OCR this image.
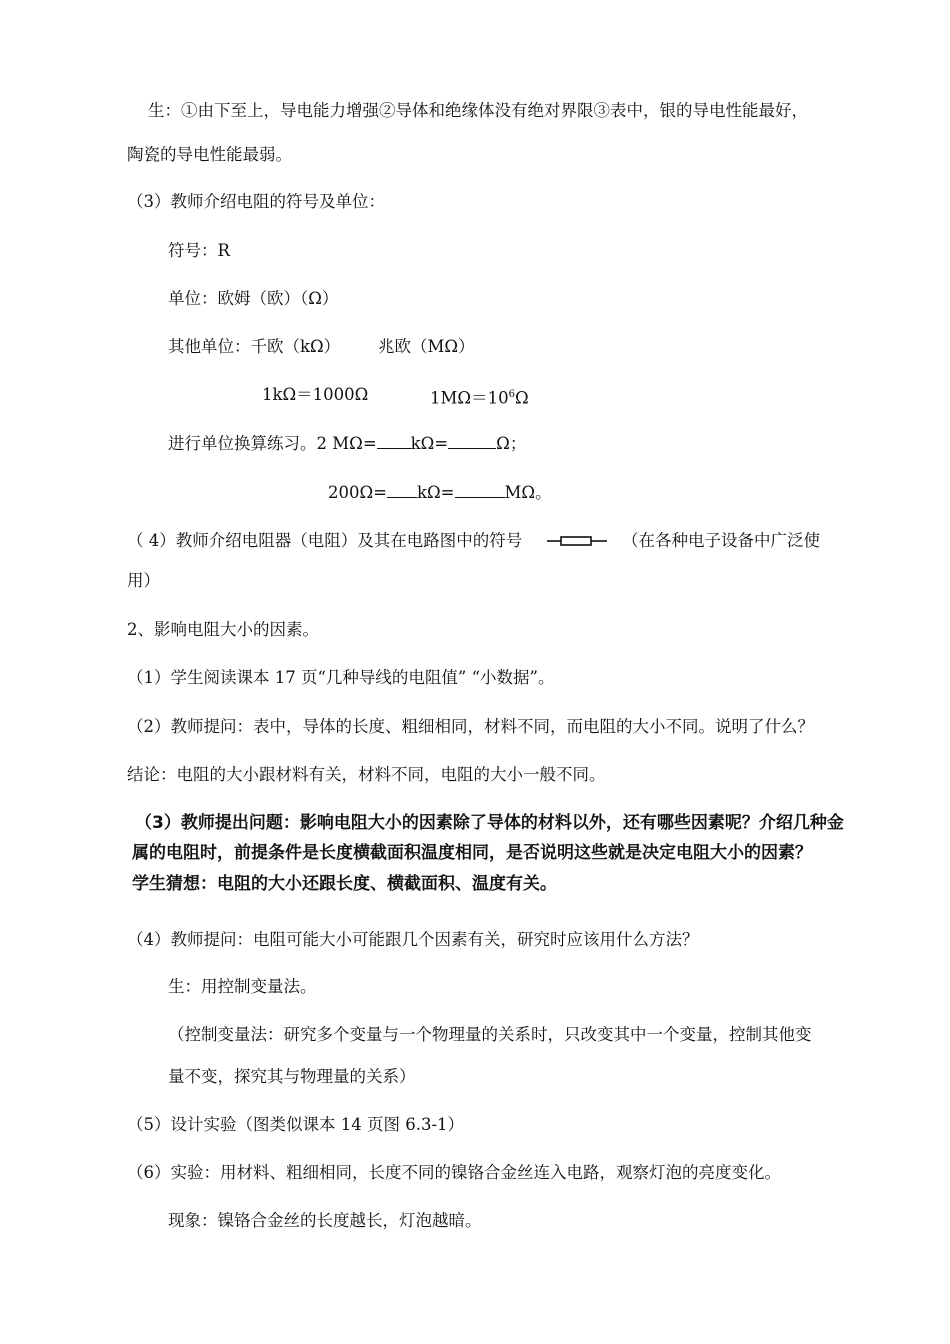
生：①由下至上，导电能力增强②导体和绝缘体没有绝对界限③表中，银的导电性能最好，
陶瓷的导电性能最弱。
（3）教师介绍电阻的符号及单位：
符号：R
单位：欧姆（欧）（Ω）
其他单位：千欧（kΩ） 兆欧（MΩ）
1kΩ＝1000Ω	$1M\Omega=10^6\Omega$
进行单位换算练习。2 MΩ= kΩ=	Ω；
200Ω= kΩ=	MΩ。
（ 4）教师介绍电阻器（电阻）及其在电路图中的符号	（在各种电子设备中广泛使
用）
2、影响电阻大小的因素。
（1）学生阅读课本 17 页“几种导线的电阻值” “小数据”。
（2）教师提问：表中，导体的长度、粗细相同，材料不同，而电阻的大小不同。说明了什么？
结论：电阻的大小跟材料有关，材料不同，电阻的大小一般不同。
（3）教师提出问题：影响电阻大小的因素除了导体的材料以外，还有哪些因素呢？介绍几种金
属的电阻时，前提条件是长度横截面积温度相同，是否说明这些就是决定电阻大小的因素？
学生猜想：电阻的大小还跟长度、横截面积、温度有关。
（4）教师提问：电阻可能大小可能跟几个因素有关，研究时应该用什么方法？
生：用控制变量法。
（控制变量法：研究多个变量与一个物理量的关系时，只改变其中一个变量，控制其他变
量不变，探究其与物理量的关系）
（5）设计实验（图类似课本 14 页图 6.3-1）
（6）实验：用材料、粗细相同，长度不同的镍铬合金丝连入电路，观察灯泡的亮度变化。
现象：镍铬合金丝的长度越长，灯泡越暗。
